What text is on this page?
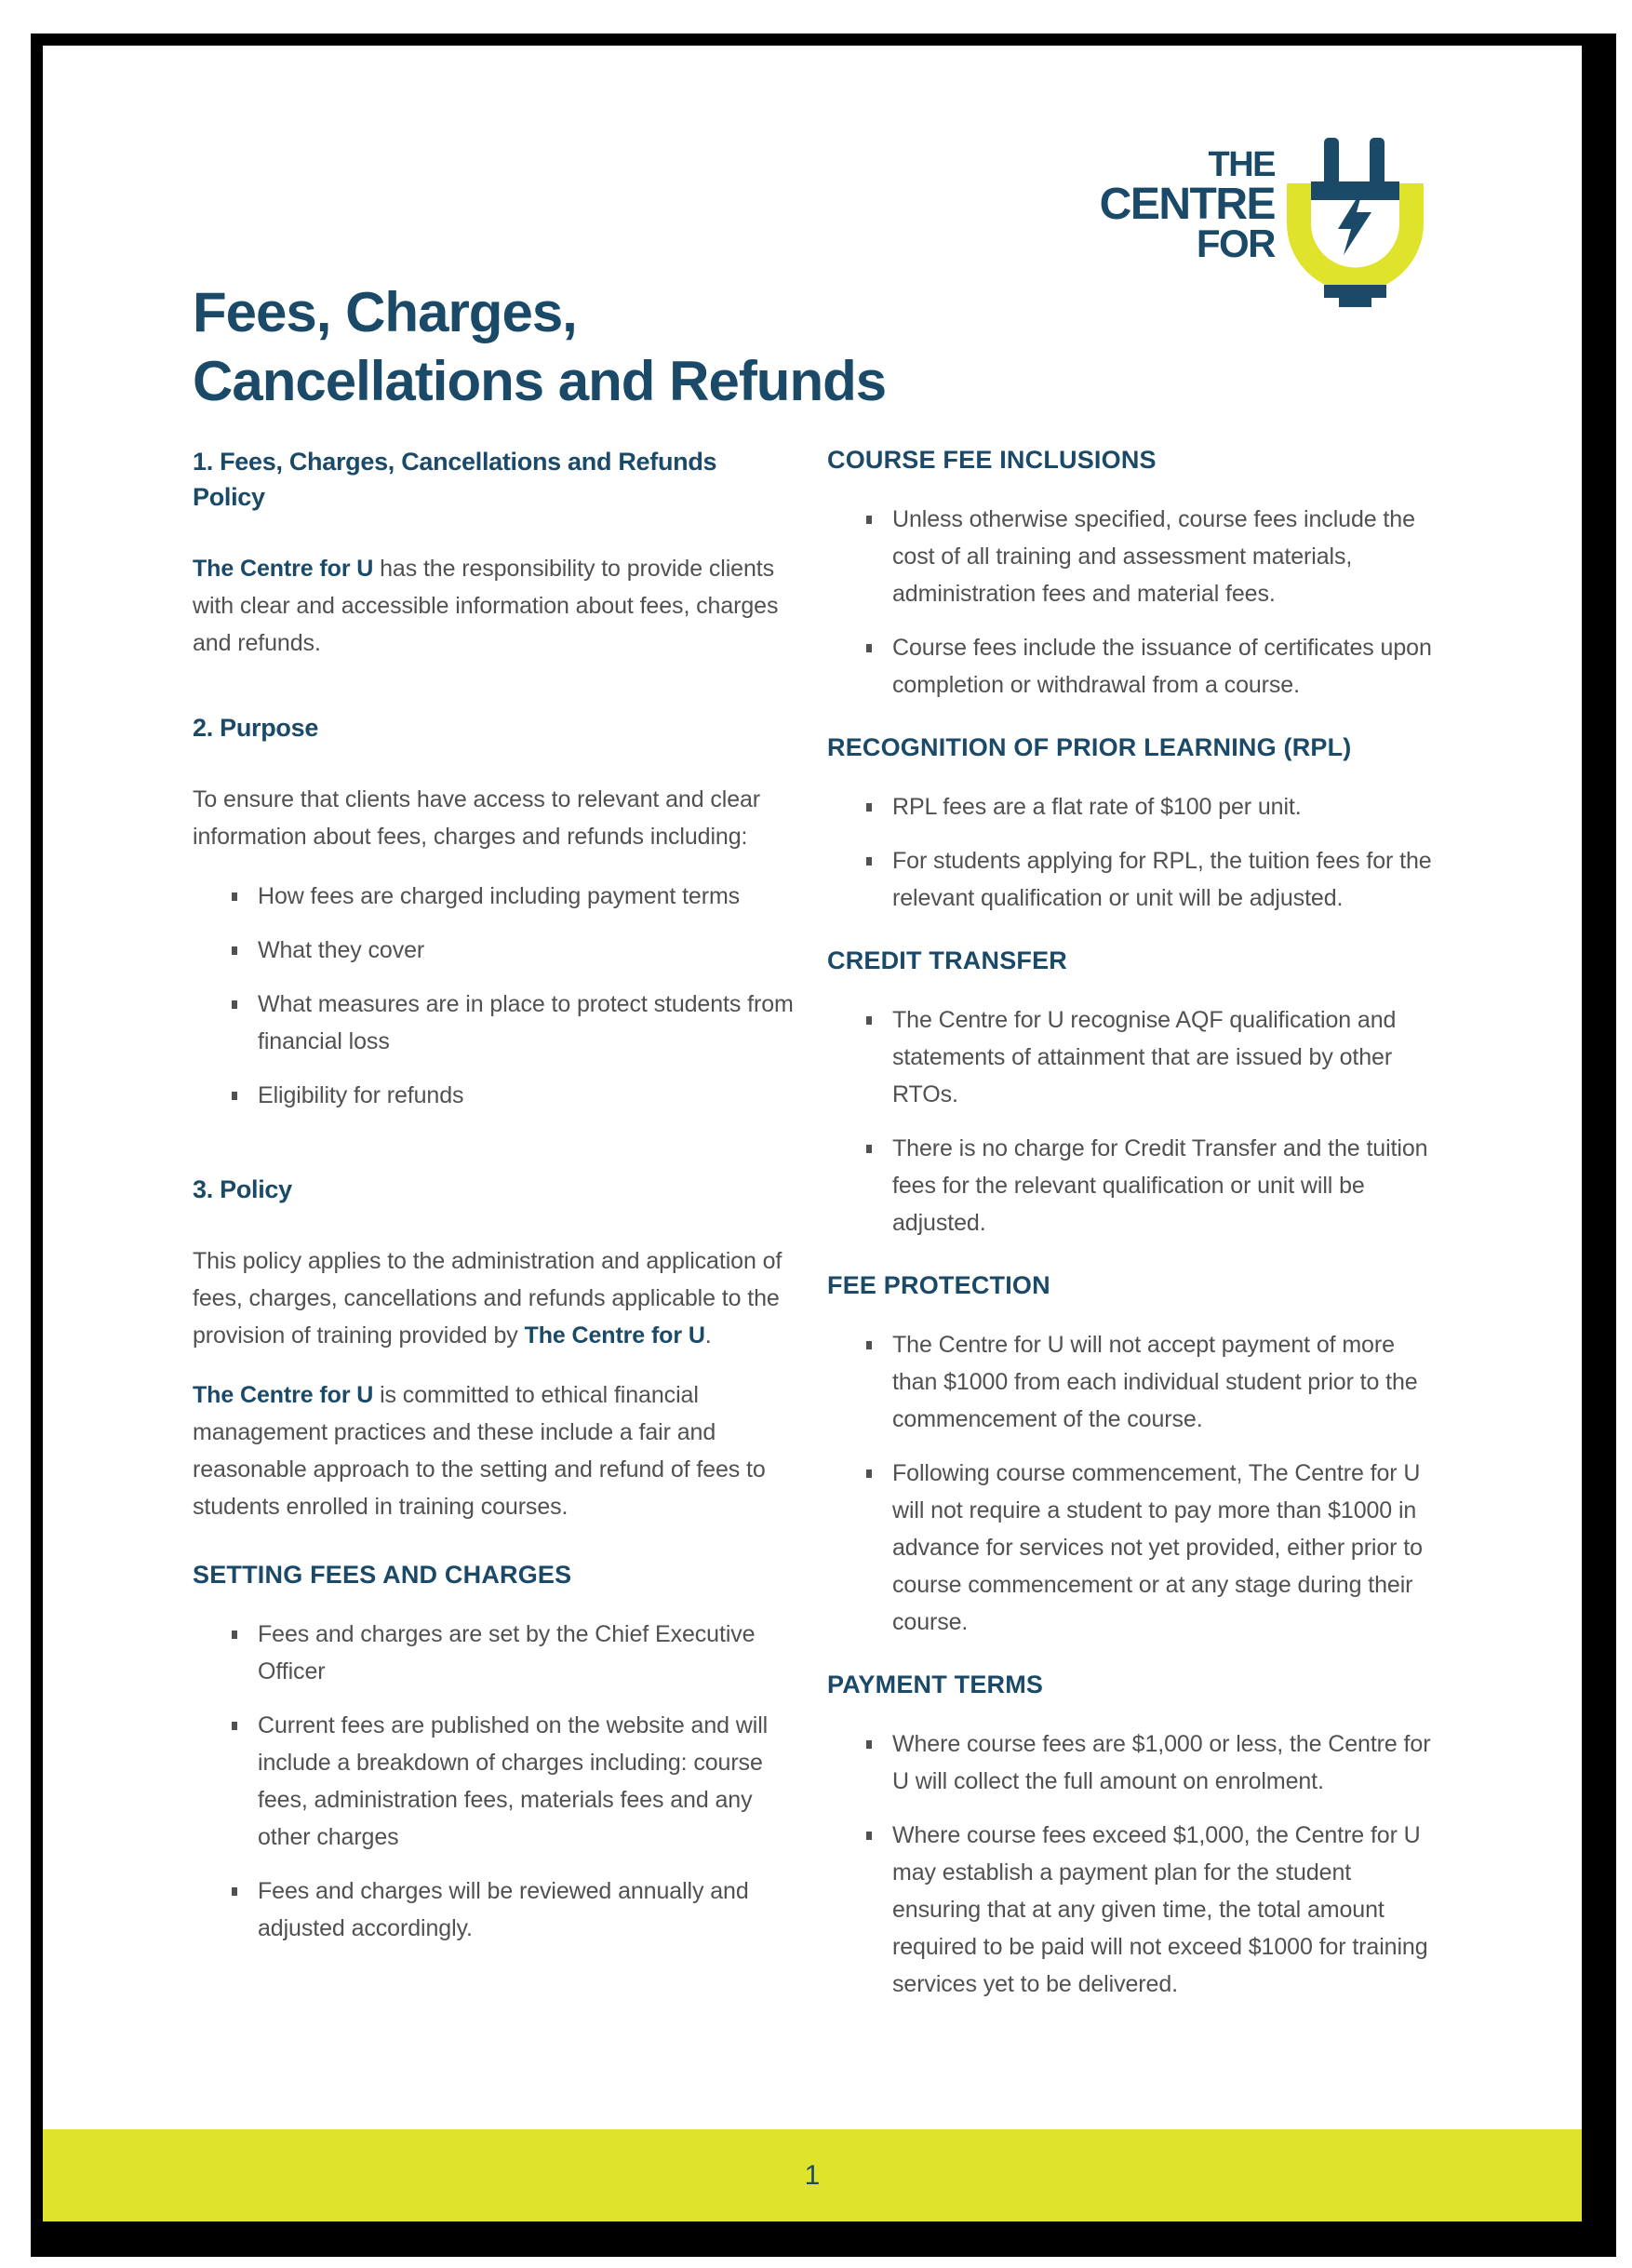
THE
CENTRE
FOR
Fees, Charges,
Cancellations and Refunds
1. Fees, Charges, Cancellations and Refunds
Policy

The Centre for U has the responsibility to provide clients with clear and accessible information about fees, charges and refunds.

2. Purpose

To ensure that clients have access to relevant and clear information about fees, charges and refunds including:

How fees are charged including payment terms
What they cover
What measures are in place to protect students from financial loss
Eligibility for refunds
3. Policy

This policy applies to the administration and application of fees, charges, cancellations and refunds applicable to the provision of training provided by The Centre for U.

The Centre for U is committed to ethical financial management practices and these include a fair and reasonable approach to the setting and refund of fees to students enrolled in training courses.

SETTING FEES AND CHARGES
Fees and charges are set by the Chief Executive Officer
Current fees are published on the website and will include a breakdown of charges including: course fees, administration fees, materials fees and any other charges
Fees and charges will be reviewed annually and adjusted accordingly.
COURSE FEE INCLUSIONS
Unless otherwise specified, course fees include the cost of all training and assessment materials, administration fees and material fees.
Course fees include the issuance of certificates upon completion or withdrawal from a course.
RECOGNITION OF PRIOR LEARNING (RPL)
RPL fees are a flat rate of $100 per unit.
For students applying for RPL, the tuition fees for the relevant qualification or unit will be adjusted.
CREDIT TRANSFER
The Centre for U recognise AQF qualification and statements of attainment that are issued by other RTOs.
There is no charge for Credit Transfer and the tuition fees for the relevant qualification or unit will be adjusted.
FEE PROTECTION
The Centre for U will not accept payment of more than $1000 from each individual student prior to the commencement of the course.
Following course commencement, The Centre for U will not require a student to pay more than $1000 in advance for services not yet provided, either prior to course commencement or at any stage during their course.
PAYMENT TERMS
Where course fees are $1,000 or less, the Centre for U will collect the full amount on enrolment.
Where course fees exceed $1,000, the Centre for U may establish a payment plan for the student ensuring that at any given time, the total amount required to be paid will not exceed $1000 for training services yet to be delivered.
1
